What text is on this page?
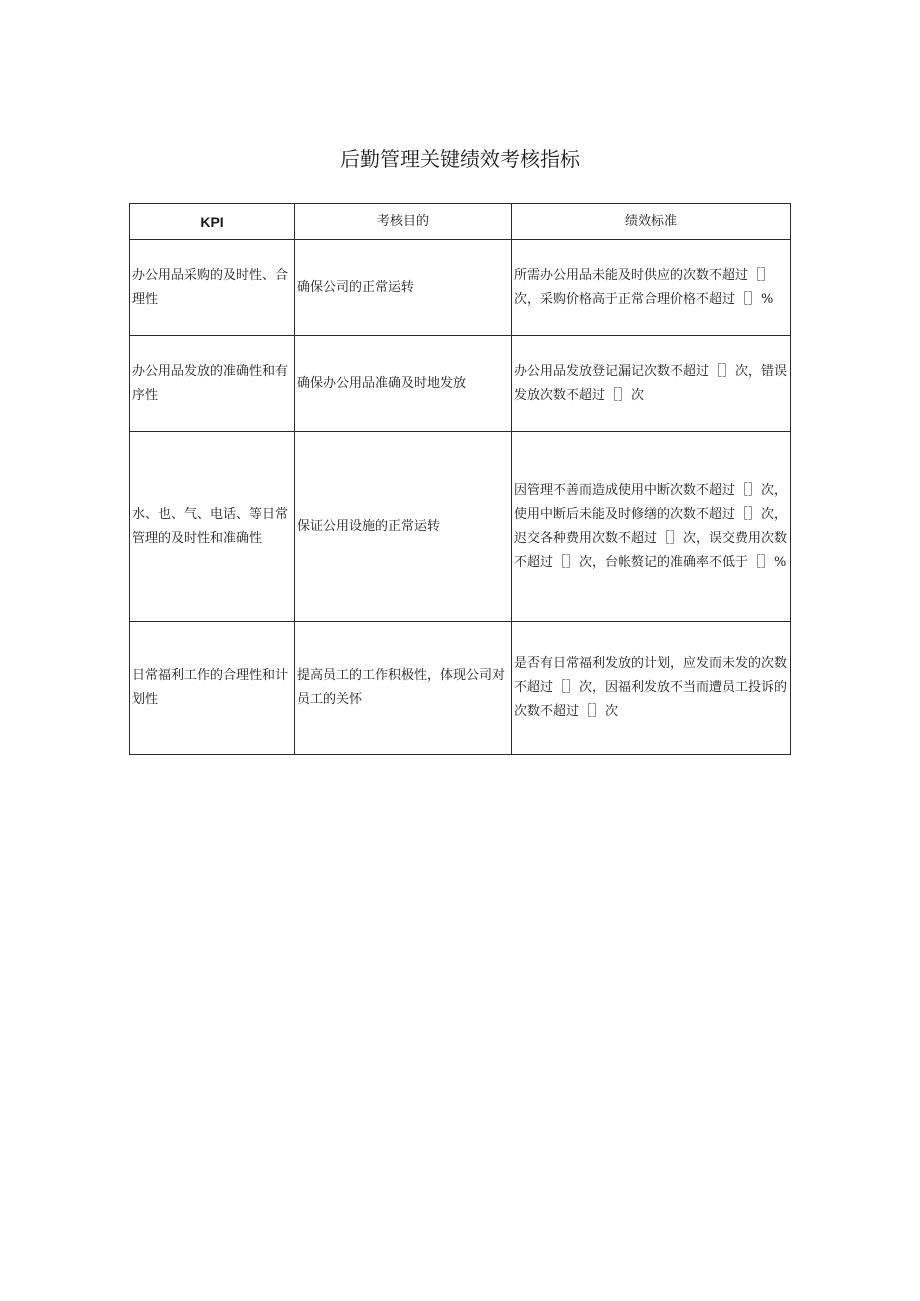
后勤管理关键绩效考核指标
KPI	考核目的	绩效标准
办公用品采购的及时性、合理性	确保公司的正常运转	所需办公用品未能及时供应的次数不超过［］次，采购价格高于正常合理价格不超过［］%
办公用品发放的准确性和有序性	确保办公用品准确及时地发放	办公用品发放登记漏记次数不超过［］次，错误发放次数不超过［］次
水、也、气、电话、等日常管理的及时性和准确性	保证公用设施的正常运转	因管理不善而造成使用中断次数不超过［］次，使用中断后未能及时修缮的次数不超过［］次，迟交各种费用次数不超过［］次，误交费用次数不超过［］次，台帐赘记的准确率不低于［］%
日常福利工作的合理性和计划性	提高员工的工作积极性，体现公司对员工的关怀	是否有日常福利发放的计划，应发而未发的次数不超过［］次，因福利发放不当而遭员工投诉的次数不超过［］次
